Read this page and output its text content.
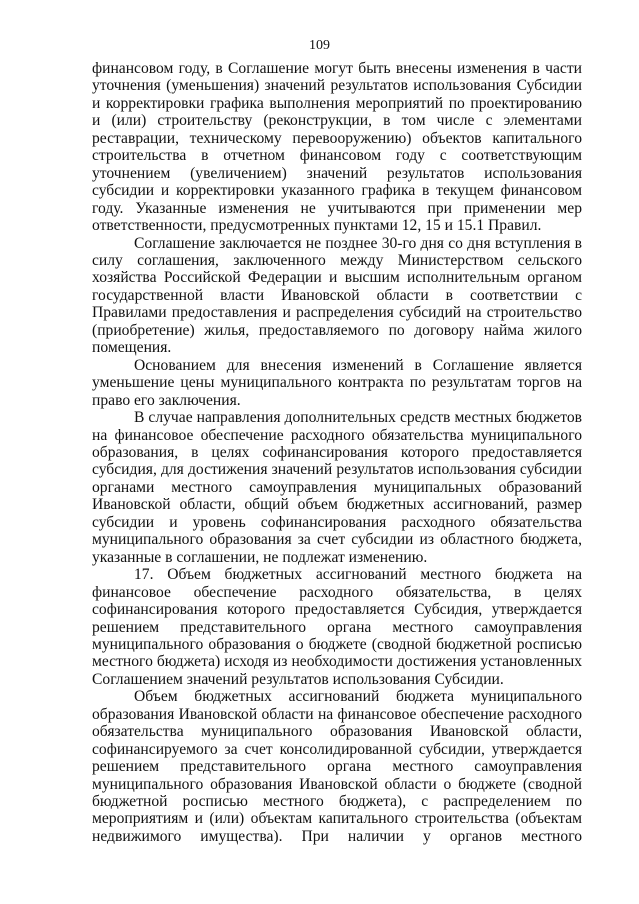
109

финансовом году, в Соглашение могут быть внесены изменения в части уточнения (уменьшения) значений результатов использования Субсидии и корректировки графика выполнения мероприятий по проектированию и (или) строительству (реконструкции, в том числе с элементами реставрации, техническому перевооружению) объектов капитального строительства в отчетном финансовом году с соответствующим уточнением (увеличением) значений результатов использования субсидии и корректировки указанного графика в текущем финансовом году. Указанные изменения не учитываются при применении мер ответственности, предусмотренных пунктами 12, 15 и 15.1 Правил.

Соглашение заключается не позднее 30-го дня со дня вступления в силу соглашения, заключенного между Министерством сельского хозяйства Российской Федерации и высшим исполнительным органом государственной власти Ивановской области в соответствии с Правилами предоставления и распределения субсидий на строительство (приобретение) жилья, предоставляемого по договору найма жилого помещения.

Основанием для внесения изменений в Соглашение является уменьшение цены муниципального контракта по результатам торгов на право его заключения.

В случае направления дополнительных средств местных бюджетов на финансовое обеспечение расходного обязательства муниципального образования, в целях софинансирования которого предоставляется субсидия, для достижения значений результатов использования субсидии органами местного самоуправления муниципальных образований Ивановской области, общий объем бюджетных ассигнований, размер субсидии и уровень софинансирования расходного обязательства муниципального образования за счет субсидии из областного бюджета, указанные в соглашении, не подлежат изменению.

17. Объем бюджетных ассигнований местного бюджета на финансовое обеспечение расходного обязательства, в целях софинансирования которого предоставляется Субсидия, утверждается решением представительного органа местного самоуправления муниципального образования о бюджете (сводной бюджетной росписью местного бюджета) исходя из необходимости достижения установленных Соглашением значений результатов использования Субсидии.

Объем бюджетных ассигнований бюджета муниципального образования Ивановской области на финансовое обеспечение расходного обязательства муниципального образования Ивановской области, софинансируемого за счет консолидированной субсидии, утверждается решением представительного органа местного самоуправления муниципального образования Ивановской области о бюджете (сводной бюджетной росписью местного бюджета), с распределением по мероприятиям и (или) объектам капитального строительства (объектам недвижимого имущества). При наличии у органов местного
